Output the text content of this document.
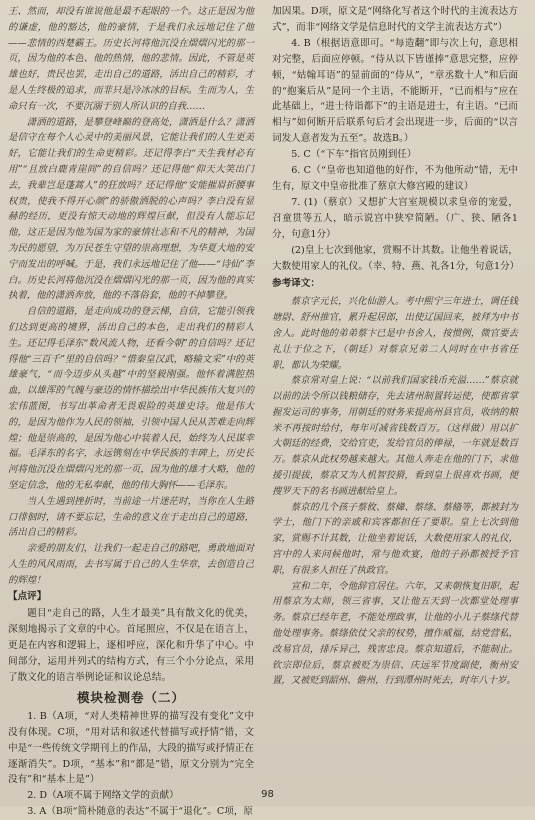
王、然而，却没有谁说他是最不起眼的一个。这正是因为他的谦虚，他的豁达，他的豪情，于是我们永远地记住了他——悲情的西楚霸王。历史长河将他沉没在熠熠闪光的那一页，因为他的本色、他的热情，他的悲情。因此，不管是英雄也好，贵民也罢，走出自己的道路，活出自己的精彩，才是人生终极的追求，而非只是冷冰冰的目标。生而为人，生命只有一次，不要沉溺于别人所认识的自我……

潇洒的道路，是攀登峰巅的登高处，潇洒是什么？潇洒是信守在每个人心灵中的美丽风景，它能让我们的人生更美好，它能让我们的生命更精彩。还记得李白“天生我材必有用”“且放白鹿青崖间”的自信吗？还记得他“仰天大笑出门去，我辈岂是蓬蒿人”的狂放吗？还记得他“安能摧眉折腰事权贵，使我不得开心颜”的骄傲洒脱的心声吗？李白没有显赫的经历，更没有惊天动地的辉煌巨献，但没有人能忘记他，这正是因为他为国为家的豪情壮志和不凡的精神，为国为民的愿望，为万民苍生守望的崇高理想，为华夏大地的安宁而发出的呼喊。于是，我们永远地记住了他——“诗仙”李白。历史长河将他沉没在熠熠闪光的那一页，因为他的真实执着，他的潇洒奔放，他的不落俗套，他的不掉攀登。

自信的道路，是走向成功的登云梯，自信，它能引领我们达到更高的境界，活出自己的本色，走出我们的精彩人生。还记得毛泽东“数风流人物，还看今朝”的自信吗？还记得他“三百千”里的自信吗？“惜秦皇汉武，略输文采”中的英雄豪气，“而今迈步从头越”中的坚毅刚强。他怀着满腔热血，以雄浑的气魄与豪迈的情怀描绘出中华民族伟大复兴的宏伟蓝图，书写出革命者无畏艰险的英雄史诗。他是伟大的，是因为他作为人民的领袖，引领中国人民从苦难走向辉煌；他是崇高的，是因为他心中装着人民，始终为人民谋幸福。毛泽东的名字，永远镌刻在中华民族的丰碑上，历史长河将他沉没在熠熠闪光的那一页，因为他的雄才大略，他的坚定信念，他的无私奉献，他的伟大胸怀——毛泽东。

当人生遇到挫折时，当前途一片迷茫时，当你在人生路口徘徊时，请不要忘记，生命的意义在于走出自己的道路，活出自己的精彩。

亲爱的朋友们，让我们一起走自己的路吧，勇敢地面对人生的风风雨雨，去书写属于自己的人生华章，去创造自己的辉煌！

【点评】

题目“走自己的路，人生才最美”具有散文化的优美，深刻地揭示了文章的中心。首尾照应，不仅是在语言上，更是在内容和逻辑上，逐相呼应，深化和升华了中心。中间部分，运用并列式的结构方式，有三个小分论点，采用了散文化的语言举例论证和议论总结。

模块检测卷（二）

1. B（A项，“对人类精神世界的描写没有变化”文中没有体现。C项，“用对话和叙述代替描写或抒情”错，文中是“一些传统文学期刊上的作品，大段的描写或抒情正在逐渐消失”。D项，“基本”和“都是”错，原文分别为“完全没有”和“基本上是”）

2. D（A项不属于网络文学的贡献）

3. A（B项“简朴随意的表达”不属于“退化”。C项，原

加因果。D项，原文是“网络化写者这个时代的主流表达方式”，而非“网络文学是信息时代的文学主流表达方式”）

4. B（根据语意即可。“每造翻”即与次上句，意思相对完整，后面应停顿。“侍从以下皆谨捧”意思完整，应停顿，“姑翰耳语”的显前面的“侍从”，“章丞数十人”和后面的“抱案后从”是同一个主语，不能断开，“已而相与”应在此基础上，“进士待诣都下”的主语是进士，有主语。“已而相与”如何断开后联系句后才会出现进一步，后面的“以言词发人意者发为五至”。故选B。）

5. C（“下车”指官员刚到任）

6. C（“皇帝也知道他的好作，不为他所动”错，无中生有，原文中皇帝批准了蔡京大修宫殿的建议）

7. (1)（蔡京）又想扩大宫室规模以求皇帝的宠爱，召童贯等五人，暗示说宫中狭窄简陋。（广、狭、陋各1分，句意1分）

(2)皇上七次到他家，赏赐不计其数。让他坐着说话，大数使用家人的礼仪。（幸、特、燕、礼各1分，句意1分）

参考译文：

蔡京字元长，兴化仙游人。考中熙宁三年进士，调任钱塘尉、舒州推官，累升起居郎，出使辽国回来，被拜为中书舍人。此时他的弟弟蔡卞已是中书舍人，按惯例，微官要去礼让于位之下，（朝廷）对蔡京兄弟二人同时在中书省任职，都认为荣耀。

蔡京常对皇上说：“以前我们国家钱币充溢……”蔡京就以前的法令所以钱粮储存，先去诸州制置转运使，使都省掌握发运司的事务，用朝廷的财务来提高州县官员，收纳的粮米不再按时给付，每年可减省钱数百万。（这样做）用以扩大朝廷的经费，交给官吏，发给官员的俸禄，一年就是数百万。蔡京从此权势越来越大。其他人奔走在他的门下，求他援引提拔，蔡京又为人机智狡猾，看到皇上很喜欢书画，便搜罗天下的名书画进献给皇上。

蔡京的几个孩子蔡攸、蔡鞗、蔡绦、蔡翛等，都被封为学士，他门下的亲戚和宾客都担任了要职。皇上七次到他家，赏赐不计其数，让他坐着说话，大数使用家人的礼仪，宫中的人来问候他时，常与他欢宴，他的子孙都被授予官职，有很多人担任了执政官。

宣和二年，令他辞官居住。六年，又来朝恢复旧职，起用蔡京为太师，领三省事，又让他五天到一次都堂处理事务。蔡京已经年老，不能处理政事，让他的小儿子蔡绦代替他处理事务。蔡绦依仗父亲的权势，擅作威福，结党营私，改易官员，排斥异己，残害忠良。蔡京知道后，不能制止。钦宗即位后，蔡京被贬为崇信、庆远军节度副使，衡州安置，又被贬到韶州、儋州，行到潭州时死去，时年八十岁。

98
